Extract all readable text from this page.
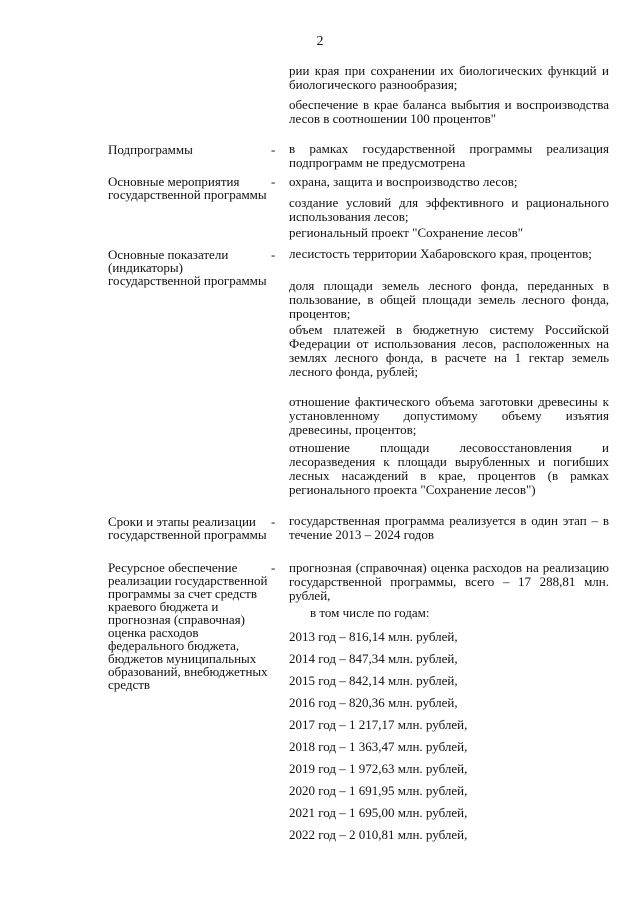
2
рии края при сохранении их биологических функций и биологического разнообразия;
обеспечение в крае баланса выбытия и воспроизводства лесов в соотношении 100 процентов"
Подпрограммы	- в рамках государственной программы реализация подпрограмм не предусмотрена
Основные мероприятия государственной программы
- охрана, защита и воспроизводство лесов;
создание условий для эффективного и рационального использования лесов;
региональный проект "Сохранение лесов"
Основные показатели (индикаторы) государственной программы
- лесистость территории Хабаровского края, процентов;
доля площади земель лесного фонда, переданных в пользование, в общей площади земель лесного фонда, процентов;
объем платежей в бюджетную систему Российской Федерации от использования лесов, расположенных на землях лесного фонда, в расчете на 1 гектар земель лесного фонда, рублей;
отношение фактического объема заготовки древесины к установленному допустимому объему изъятия древесины, процентов;
отношение площади лесовосстановления и лесоразведения к площади вырубленных и погибших лесных насаждений в крае, процентов (в рамках регионального проекта "Сохранение лесов")
Сроки и этапы реализации государственной программы
- государственная программа реализуется в один этап – в течение 2013 – 2024 годов
Ресурсное обеспечение реализации государственной программы за счет средств краевого бюджета и прогнозная (справочная) оценка расходов федерального бюджета, бюджетов муниципальных образований, внебюджетных средств
- прогнозная (справочная) оценка расходов на реализацию государственной программы, всего – 17 288,81 млн. рублей,
в том числе по годам:
2013 год – 816,14 млн. рублей,
2014 год – 847,34 млн. рублей,
2015 год – 842,14 млн. рублей,
2016 год – 820,36 млн. рублей,
2017 год – 1 217,17 млн. рублей,
2018 год – 1 363,47 млн. рублей,
2019 год – 1 972,63 млн. рублей,
2020 год – 1 691,95 млн. рублей,
2021 год – 1 695,00 млн. рублей,
2022 год – 2 010,81 млн. рублей,
